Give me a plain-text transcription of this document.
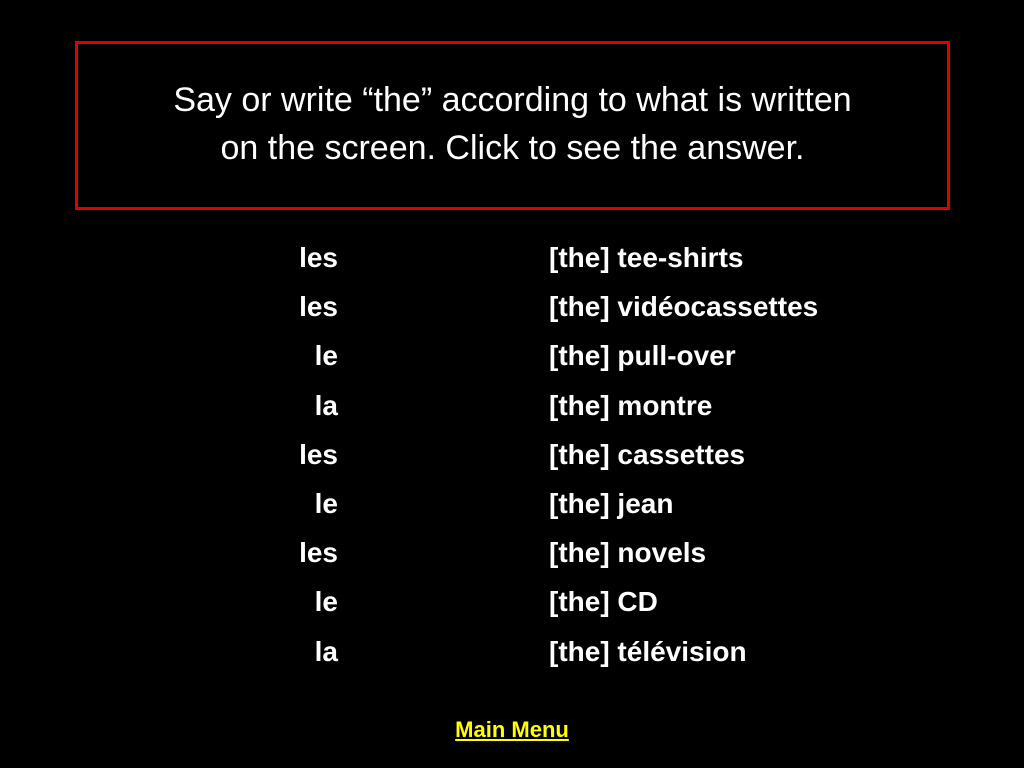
Say or write “the” according to what is written
on the screen. Click to see the answer.
les	[the] tee-shirts
les	[the] vidéocassettes
le	[the] pull-over
la	[the] montre
les	[the] cassettes
le	[the] jean
les	[the] novels
le	[the] CD
la	[the] télévision
Main Menu
